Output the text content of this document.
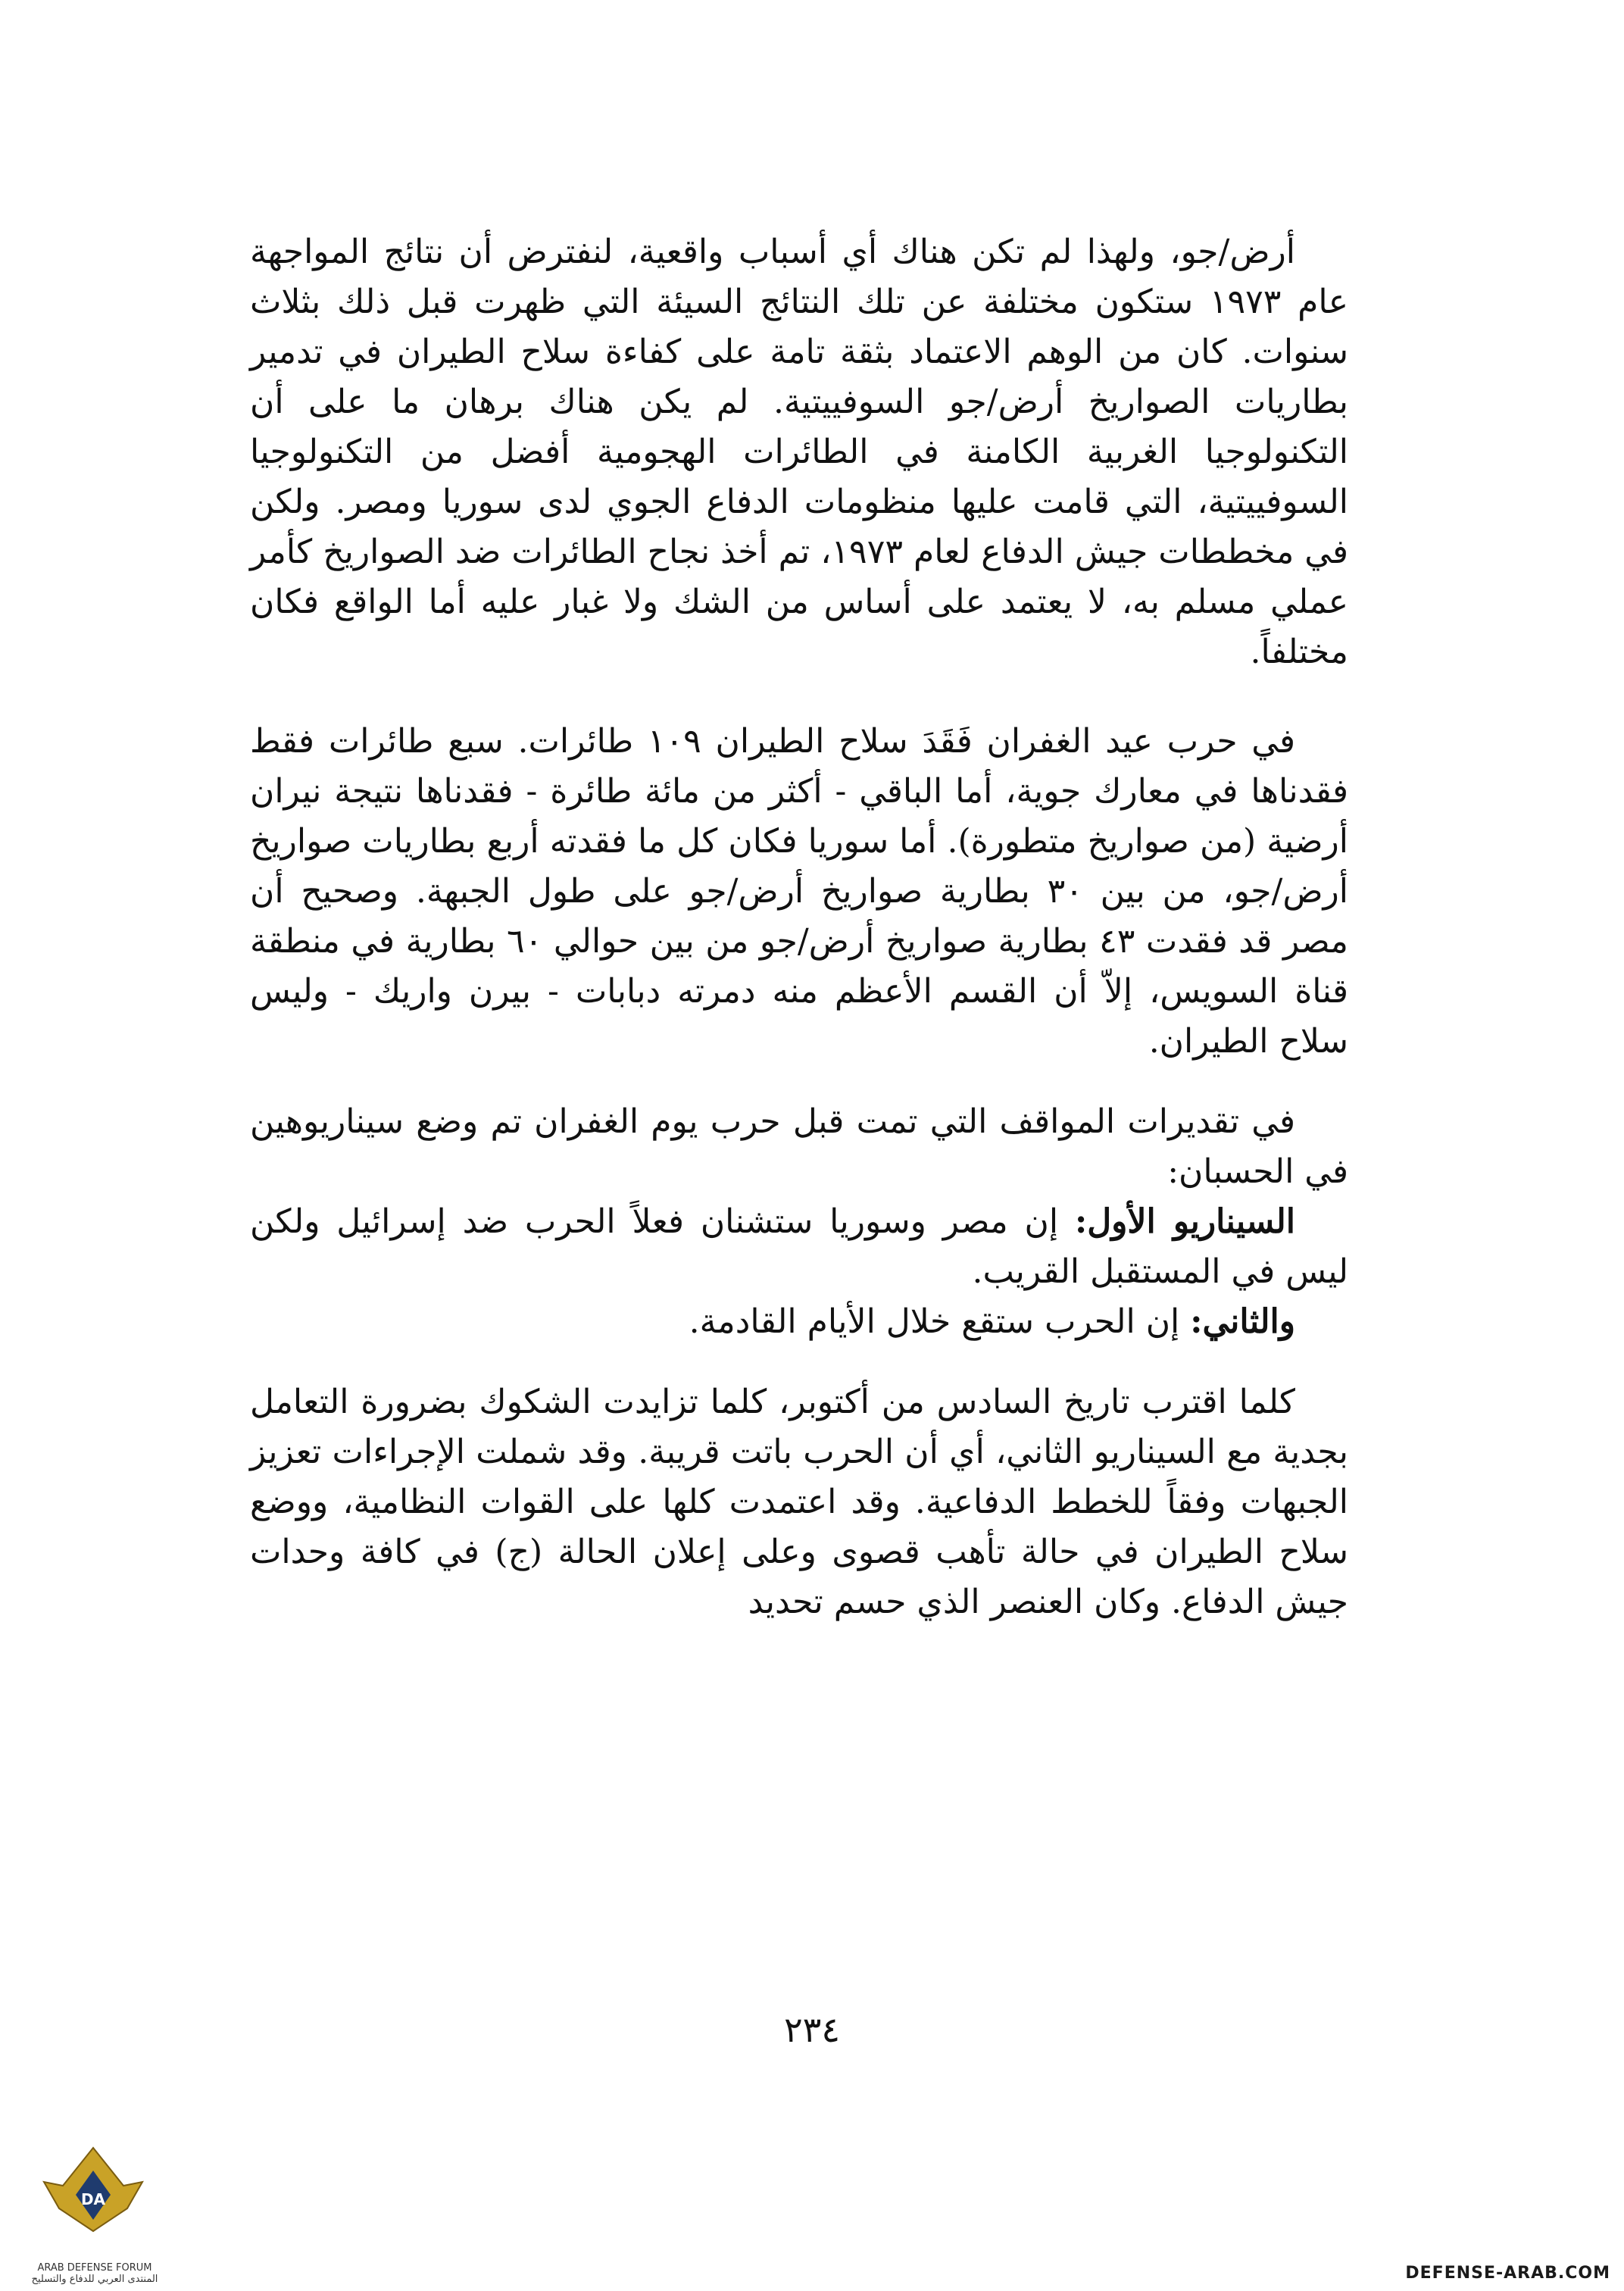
أرض/جو، ولهذا لم تكن هناك أي أسباب واقعية، لنفترض أن نتائج المواجهة عام ١٩٧٣ ستكون مختلفة عن تلك النتائج السيئة التي ظهرت قبل ذلك بثلاث سنوات. كان من الوهم الاعتماد بثقة تامة على كفاءة سلاح الطيران في تدمير بطاريات الصواريخ أرض/جو السوفييتية. لم يكن هناك برهان ما على أن التكنولوجيا الغربية الكامنة في الطائرات الهجومية أفضل من التكنولوجيا السوفييتية، التي قامت عليها منظومات الدفاع الجوي لدى سوريا ومصر. ولكن في مخططات جيش الدفاع لعام ١٩٧٣، تم أخذ نجاح الطائرات ضد الصواريخ كأمر عملي مسلم به، لا يعتمد على أساس من الشك ولا غبار عليه أما الواقع فكان مختلفاً.

في حرب عيد الغفران فَقَدَ سلاح الطيران ١٠٩ طائرات. سبع طائرات فقط فقدناها في معارك جوية، أما الباقي - أكثر من مائة طائرة - فقدناها نتيجة نيران أرضية (من صواريخ متطورة). أما سوريا فكان كل ما فقدته أربع بطاريات صواريخ أرض/جو، من بين ٣٠ بطارية صواريخ أرض/جو على طول الجبهة. وصحيح أن مصر قد فقدت ٤٣ بطارية صواريخ أرض/جو من بين حوالي ٦٠ بطارية في منطقة قناة السويس، إلاّ أن القسم الأعظم منه دمرته دبابات - بيرن واريك - وليس سلاح الطيران.

في تقديرات المواقف التي تمت قبل حرب يوم الغفران تم وضع سيناريوهين في الحسبان:

السيناريو الأول: إن مصر وسوريا ستشنان فعلاً الحرب ضد إسرائيل ولكن ليس في المستقبل القريب.

والثاني: إن الحرب ستقع خلال الأيام القادمة.

كلما اقترب تاريخ السادس من أكتوبر، كلما تزايدت الشكوك بضرورة التعامل بجدية مع السيناريو الثاني، أي أن الحرب باتت قريبة. وقد شملت الإجراءات تعزيز الجبهات وفقاً للخطط الدفاعية. وقد اعتمدت كلها على القوات النظامية، ووضع سلاح الطيران في حالة تأهب قصوى وعلى إعلان الحالة (ج) في كافة وحدات جيش الدفاع. وكان العنصر الذي حسم تحديد

٢٣٤
DA
ARAB DEFENSE FORUM
المنتدى العربي للدفاع والتسليح	DEFENSE-ARAB.COM
